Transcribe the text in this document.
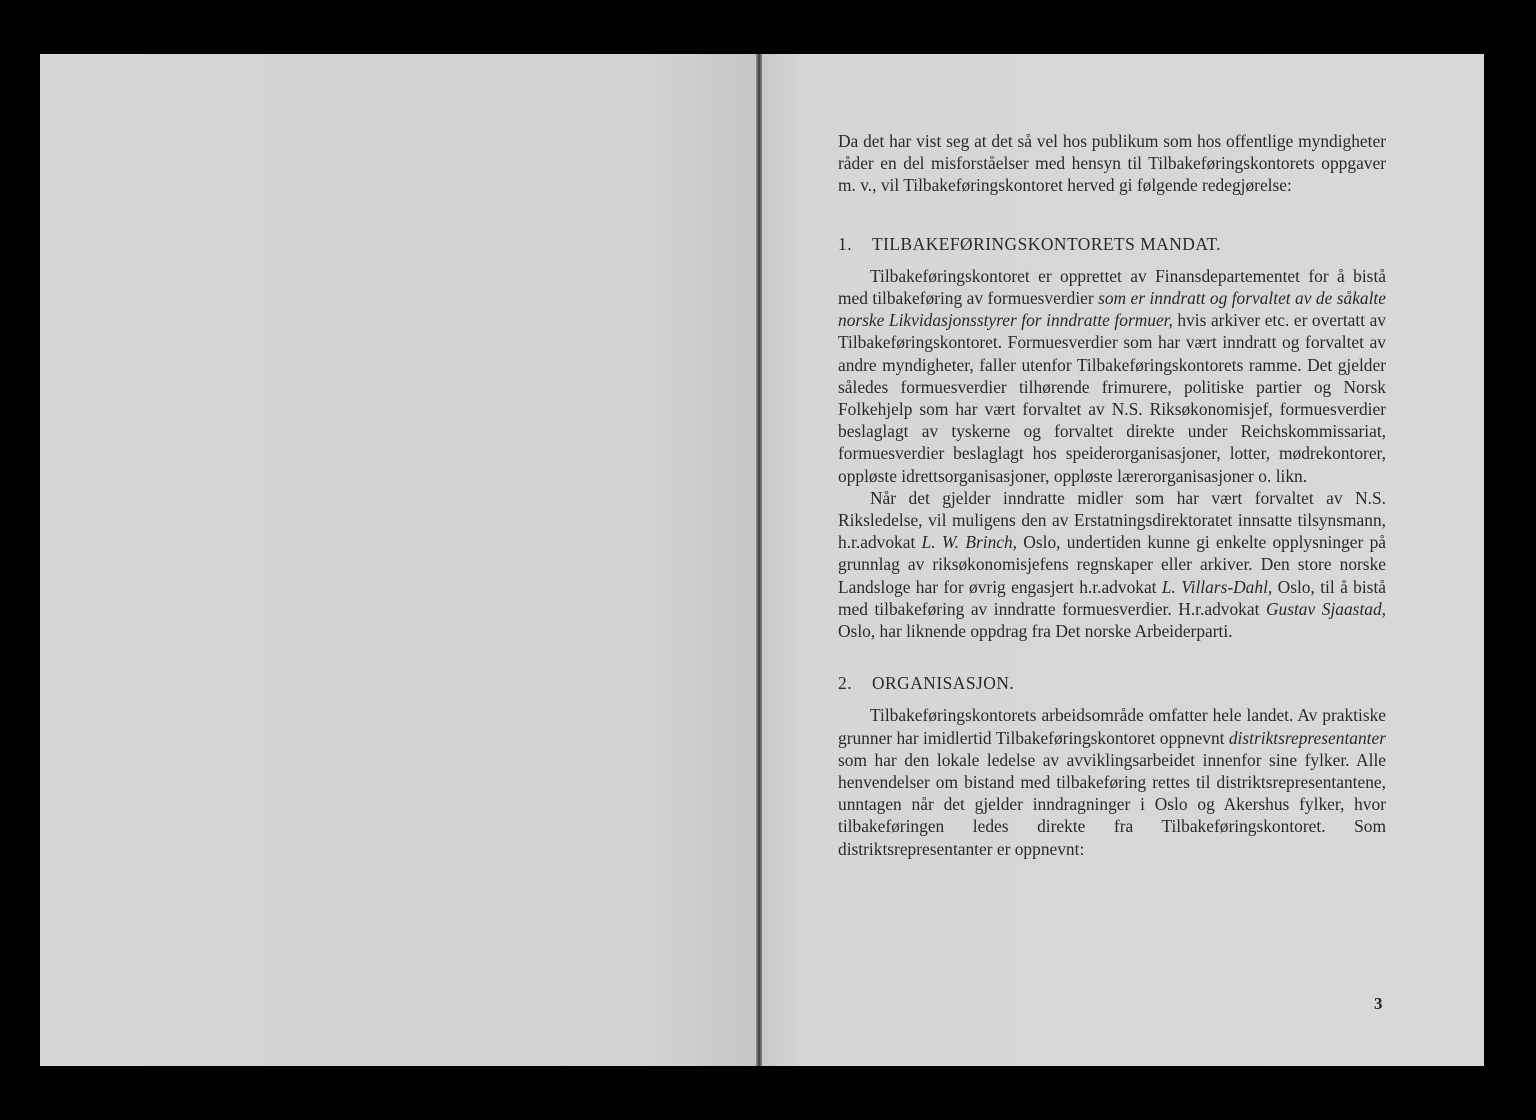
Da det har vist seg at det så vel hos publikum som hos offentlige myndigheter råder en del misforståelser med hensyn til Tilbakeføringskontorets oppgaver m. v., vil Tilbakeføringskontoret herved gi følgende redegjørelse:

1. TILBAKEFØRINGSKONTORETS MANDAT.

Tilbakeføringskontoret er opprettet av Finansdepartementet for å bistå med tilbakeføring av formuesverdier som er inndratt og forvaltet av de såkalte norske Likvidasjonsstyrer for inndratte formuer, hvis arkiver etc. er overtatt av Tilbakeføringskontoret. Formuesverdier som har vært inndratt og forvaltet av andre myndigheter, faller utenfor Tilbakeføringskontorets ramme. Det gjelder således formuesverdier tilhørende frimurere, politiske partier og Norsk Folkehjelp som har vært forvaltet av N.S. Riksøkonomisjef, formuesverdier beslaglagt av tyskerne og forvaltet direkte under Reichskommissariat, formuesverdier beslaglagt hos speiderorganisasjoner, lotter, mødrekontorer, oppløste idrettsorganisasjoner, oppløste lærerorganisasjoner o. likn.

Når det gjelder inndratte midler som har vært forvaltet av N.S. Riksledelse, vil muligens den av Erstatningsdirektoratet innsatte tilsynsmann, h.r.advokat L. W. Brinch, Oslo, undertiden kunne gi enkelte opplysninger på grunnlag av riksøkonomisjefens regnskaper eller arkiver. Den store norske Landsloge har for øvrig engasjert h.r.advokat L. Villars-Dahl, Oslo, til å bistå med tilbakeføring av inndratte formuesverdier. H.r.advokat Gustav Sjaastad, Oslo, har liknende oppdrag fra Det norske Arbeiderparti.

2. ORGANISASJON.

Tilbakeføringskontorets arbeidsområde omfatter hele landet. Av praktiske grunner har imidlertid Tilbakeføringskontoret oppnevnt distriktsrepresentanter som har den lokale ledelse av avviklingsarbeidet innenfor sine fylker. Alle henvendelser om bistand med tilbakeføring rettes til distriktsrepresentantene, unntagen når det gjelder inndragninger i Oslo og Akershus fylker, hvor tilbakeføringen ledes direkte fra Tilbakeføringskontoret. Som distriktsrepresentanter er oppnevnt:

3
